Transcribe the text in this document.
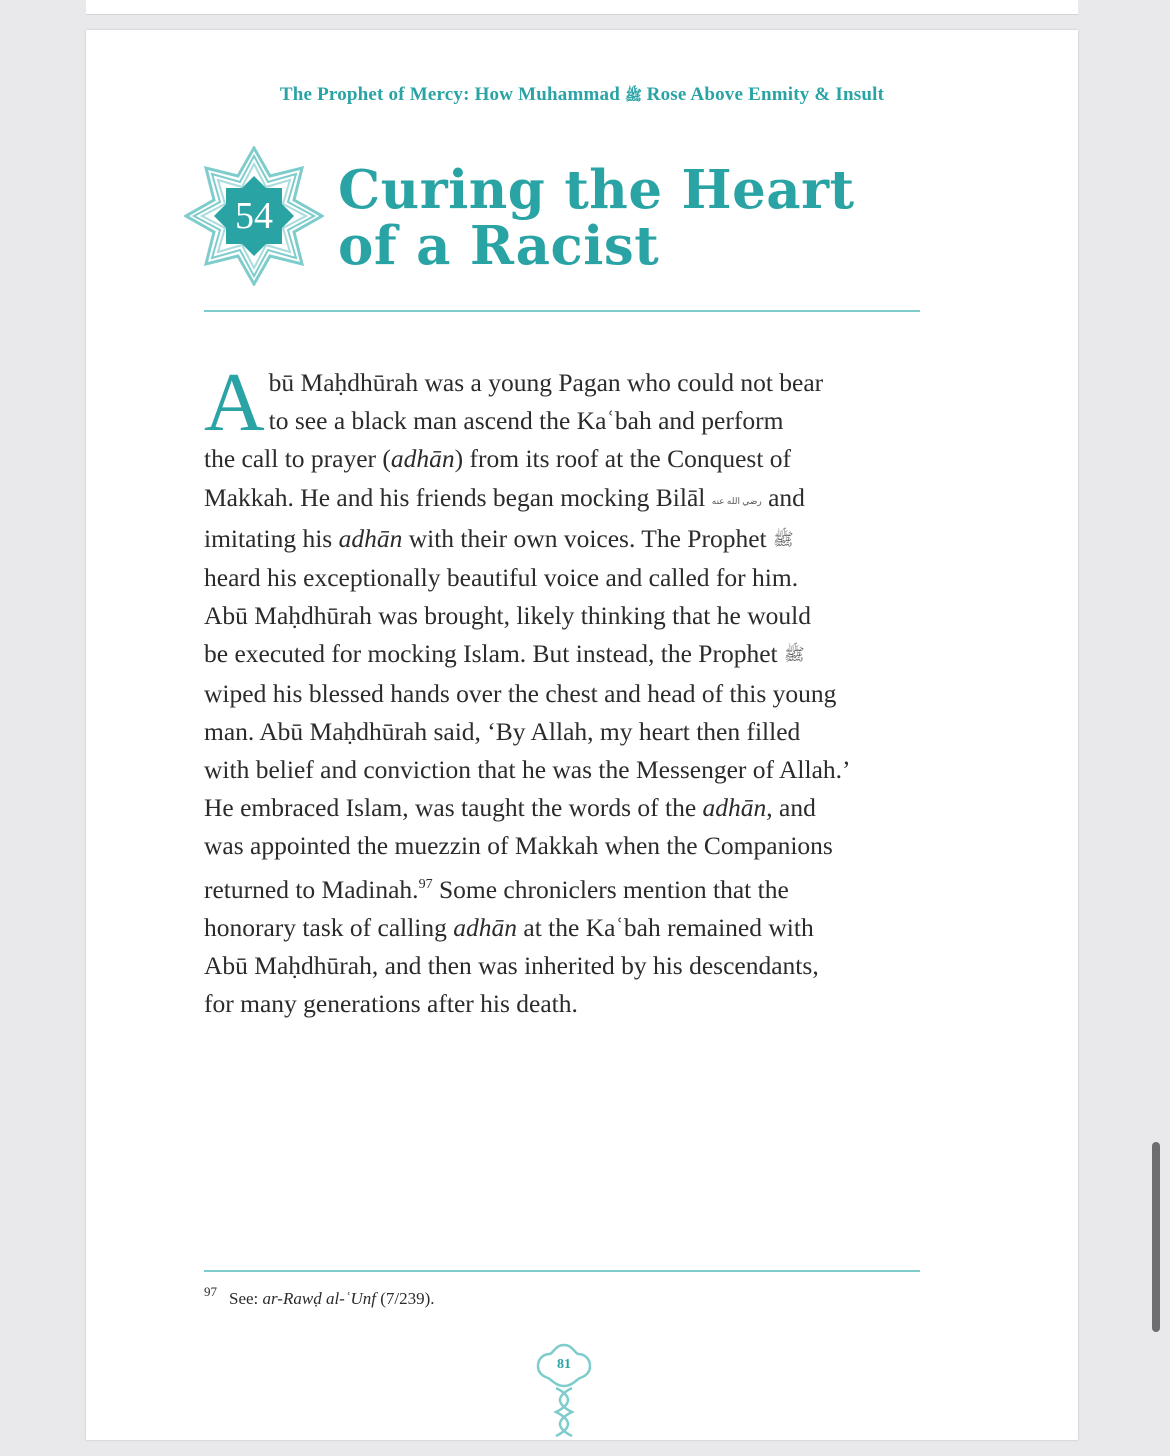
The Prophet of Mercy: How Muhammad ﷺ Rose Above Enmity & Insult
54	Curing the Heart
of a Racist
A bū Maḥdhūrah was a young Pagan who could not bear
to see a black man ascend the Kaʿbah and perform
the call to prayer (adhān) from its roof at the Conquest of
Makkah. He and his friends began mocking Bilāl رضي الله عنه and
imitating his adhān with their own voices. The Prophet ﷺ
heard his exceptionally beautiful voice and called for him.
Abū Maḥdhūrah was brought, likely thinking that he would
be executed for mocking Islam. But instead, the Prophet ﷺ
wiped his blessed hands over the chest and head of this young
man. Abū Maḥdhūrah said, ‘By Allah, my heart then filled
with belief and conviction that he was the Messenger of Allah.’
He embraced Islam, was taught the words of the adhān, and
was appointed the muezzin of Makkah when the Companions
returned to Madinah.$^{97}$ Some chroniclers mention that the
honorary task of calling adhān at the Kaʿbah remained with
Abū Maḥdhūrah, and then was inherited by his descendants,
for many generations after his death.
$^{97}$ See: ar-Rawḍ al-ʿUnf (7/239).
81
